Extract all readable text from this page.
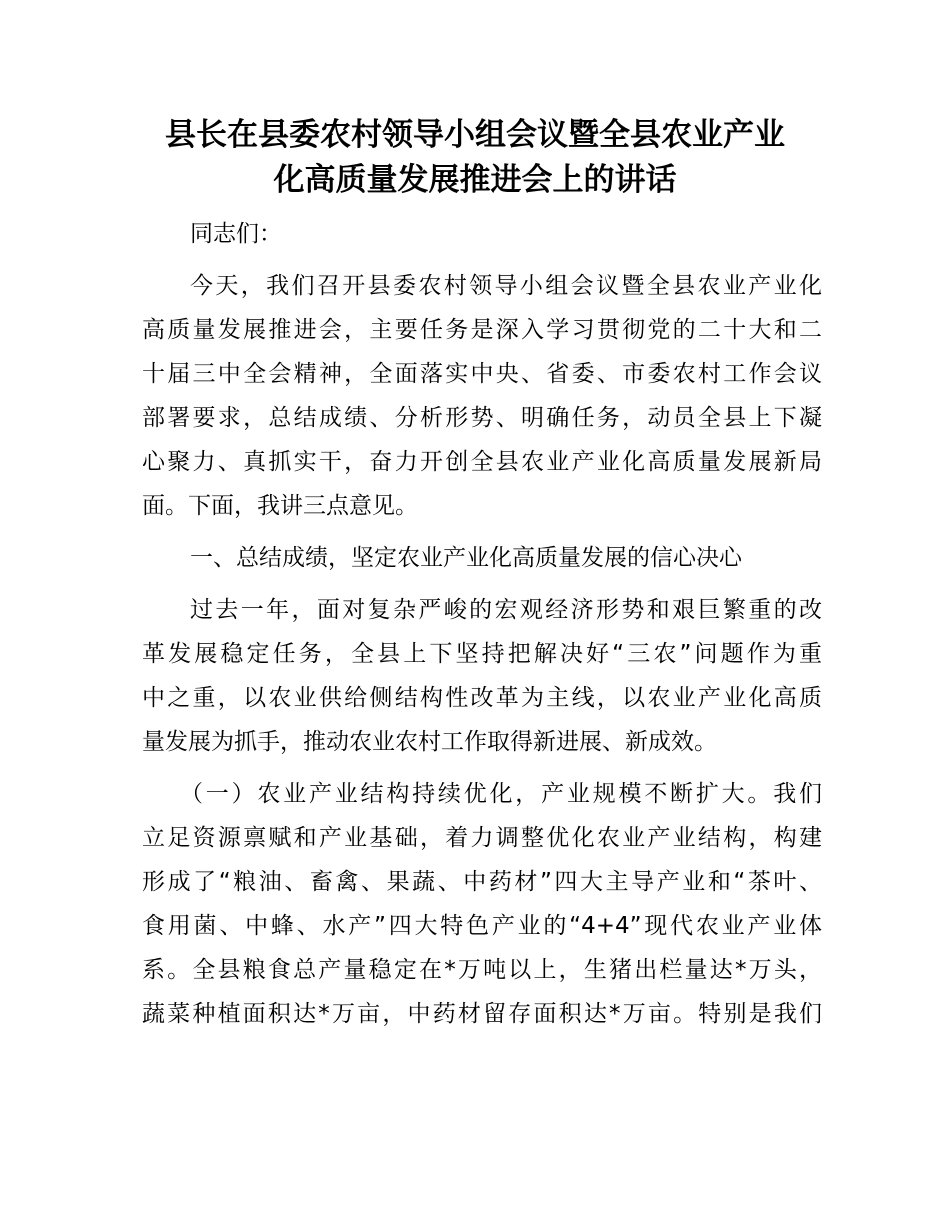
县长在县委农村领导小组会议暨全县农业产业
化高质量发展推进会上的讲话

同志们：

今天，我们召开县委农村领导小组会议暨全县农业产业化

高质量发展推进会，主要任务是深入学习贯彻党的二十大和二

十届三中全会精神，全面落实中央、省委、市委农村工作会议

部署要求，总结成绩、分析形势、明确任务，动员全县上下凝

心聚力、真抓实干，奋力开创全县农业产业化高质量发展新局

面。下面，我讲三点意见。

一、总结成绩，坚定农业产业化高质量发展的信心决心

过去一年，面对复杂严峻的宏观经济形势和艰巨繁重的改

革发展稳定任务，全县上下坚持把解决好“三农”问题作为重

中之重，以农业供给侧结构性改革为主线，以农业产业化高质

量发展为抓手，推动农业农村工作取得新进展、新成效。

（一）农业产业结构持续优化，产业规模不断扩大。我们

立足资源禀赋和产业基础，着力调整优化农业产业结构，构建

形成了“粮油、畜禽、果蔬、中药材”四大主导产业和“茶叶、

食用菌、中蜂、水产”四大特色产业的“4+4”现代农业产业体

系。全县粮食总产量稳定在*万吨以上，生猪出栏量达*万头，

蔬菜种植面积达*万亩，中药材留存面积达*万亩。特别是我们
